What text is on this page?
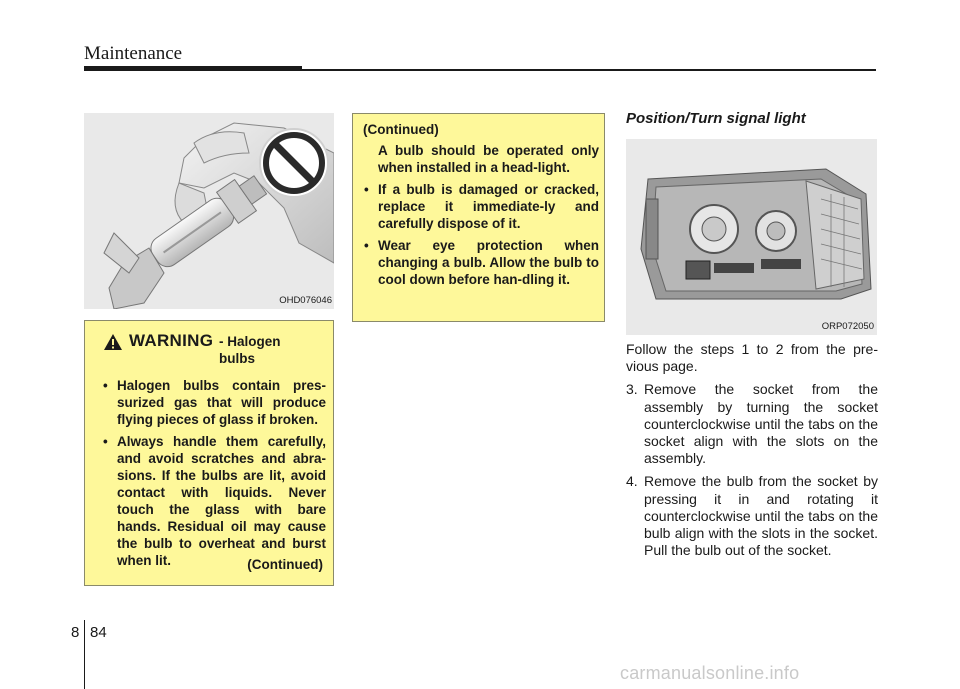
Maintenance
OHD076046
WARNING - Halogen bulbs
• Halogen bulbs contain pres-surized gas that will produce flying pieces of glass if broken.
• Always handle them carefully, and avoid scratches and abra-sions. If the bulbs are lit, avoid contact with liquids. Never touch the glass with bare hands. Residual oil may cause the bulb to overheat and burst when lit.	(Continued)
(Continued)
A bulb should be operated only when installed in a head-light.
• If a bulb is damaged or cracked, replace it immediate-ly and carefully dispose of it.
• Wear eye protection when changing a bulb. Allow the bulb to cool down before han-dling it.
Position/Turn signal light
ORP072050

Follow the steps 1 to 2 from the pre-vious page.

3. Remove the socket from the assembly by turning the socket counterclockwise until the tabs on the socket align with the slots on the assembly.
4. Remove the bulb from the socket by pressing it in and rotating it counterclockwise until the tabs on the bulb align with the slots in the socket. Pull the bulb out of the socket.
8 84
carmanualsonline.info
